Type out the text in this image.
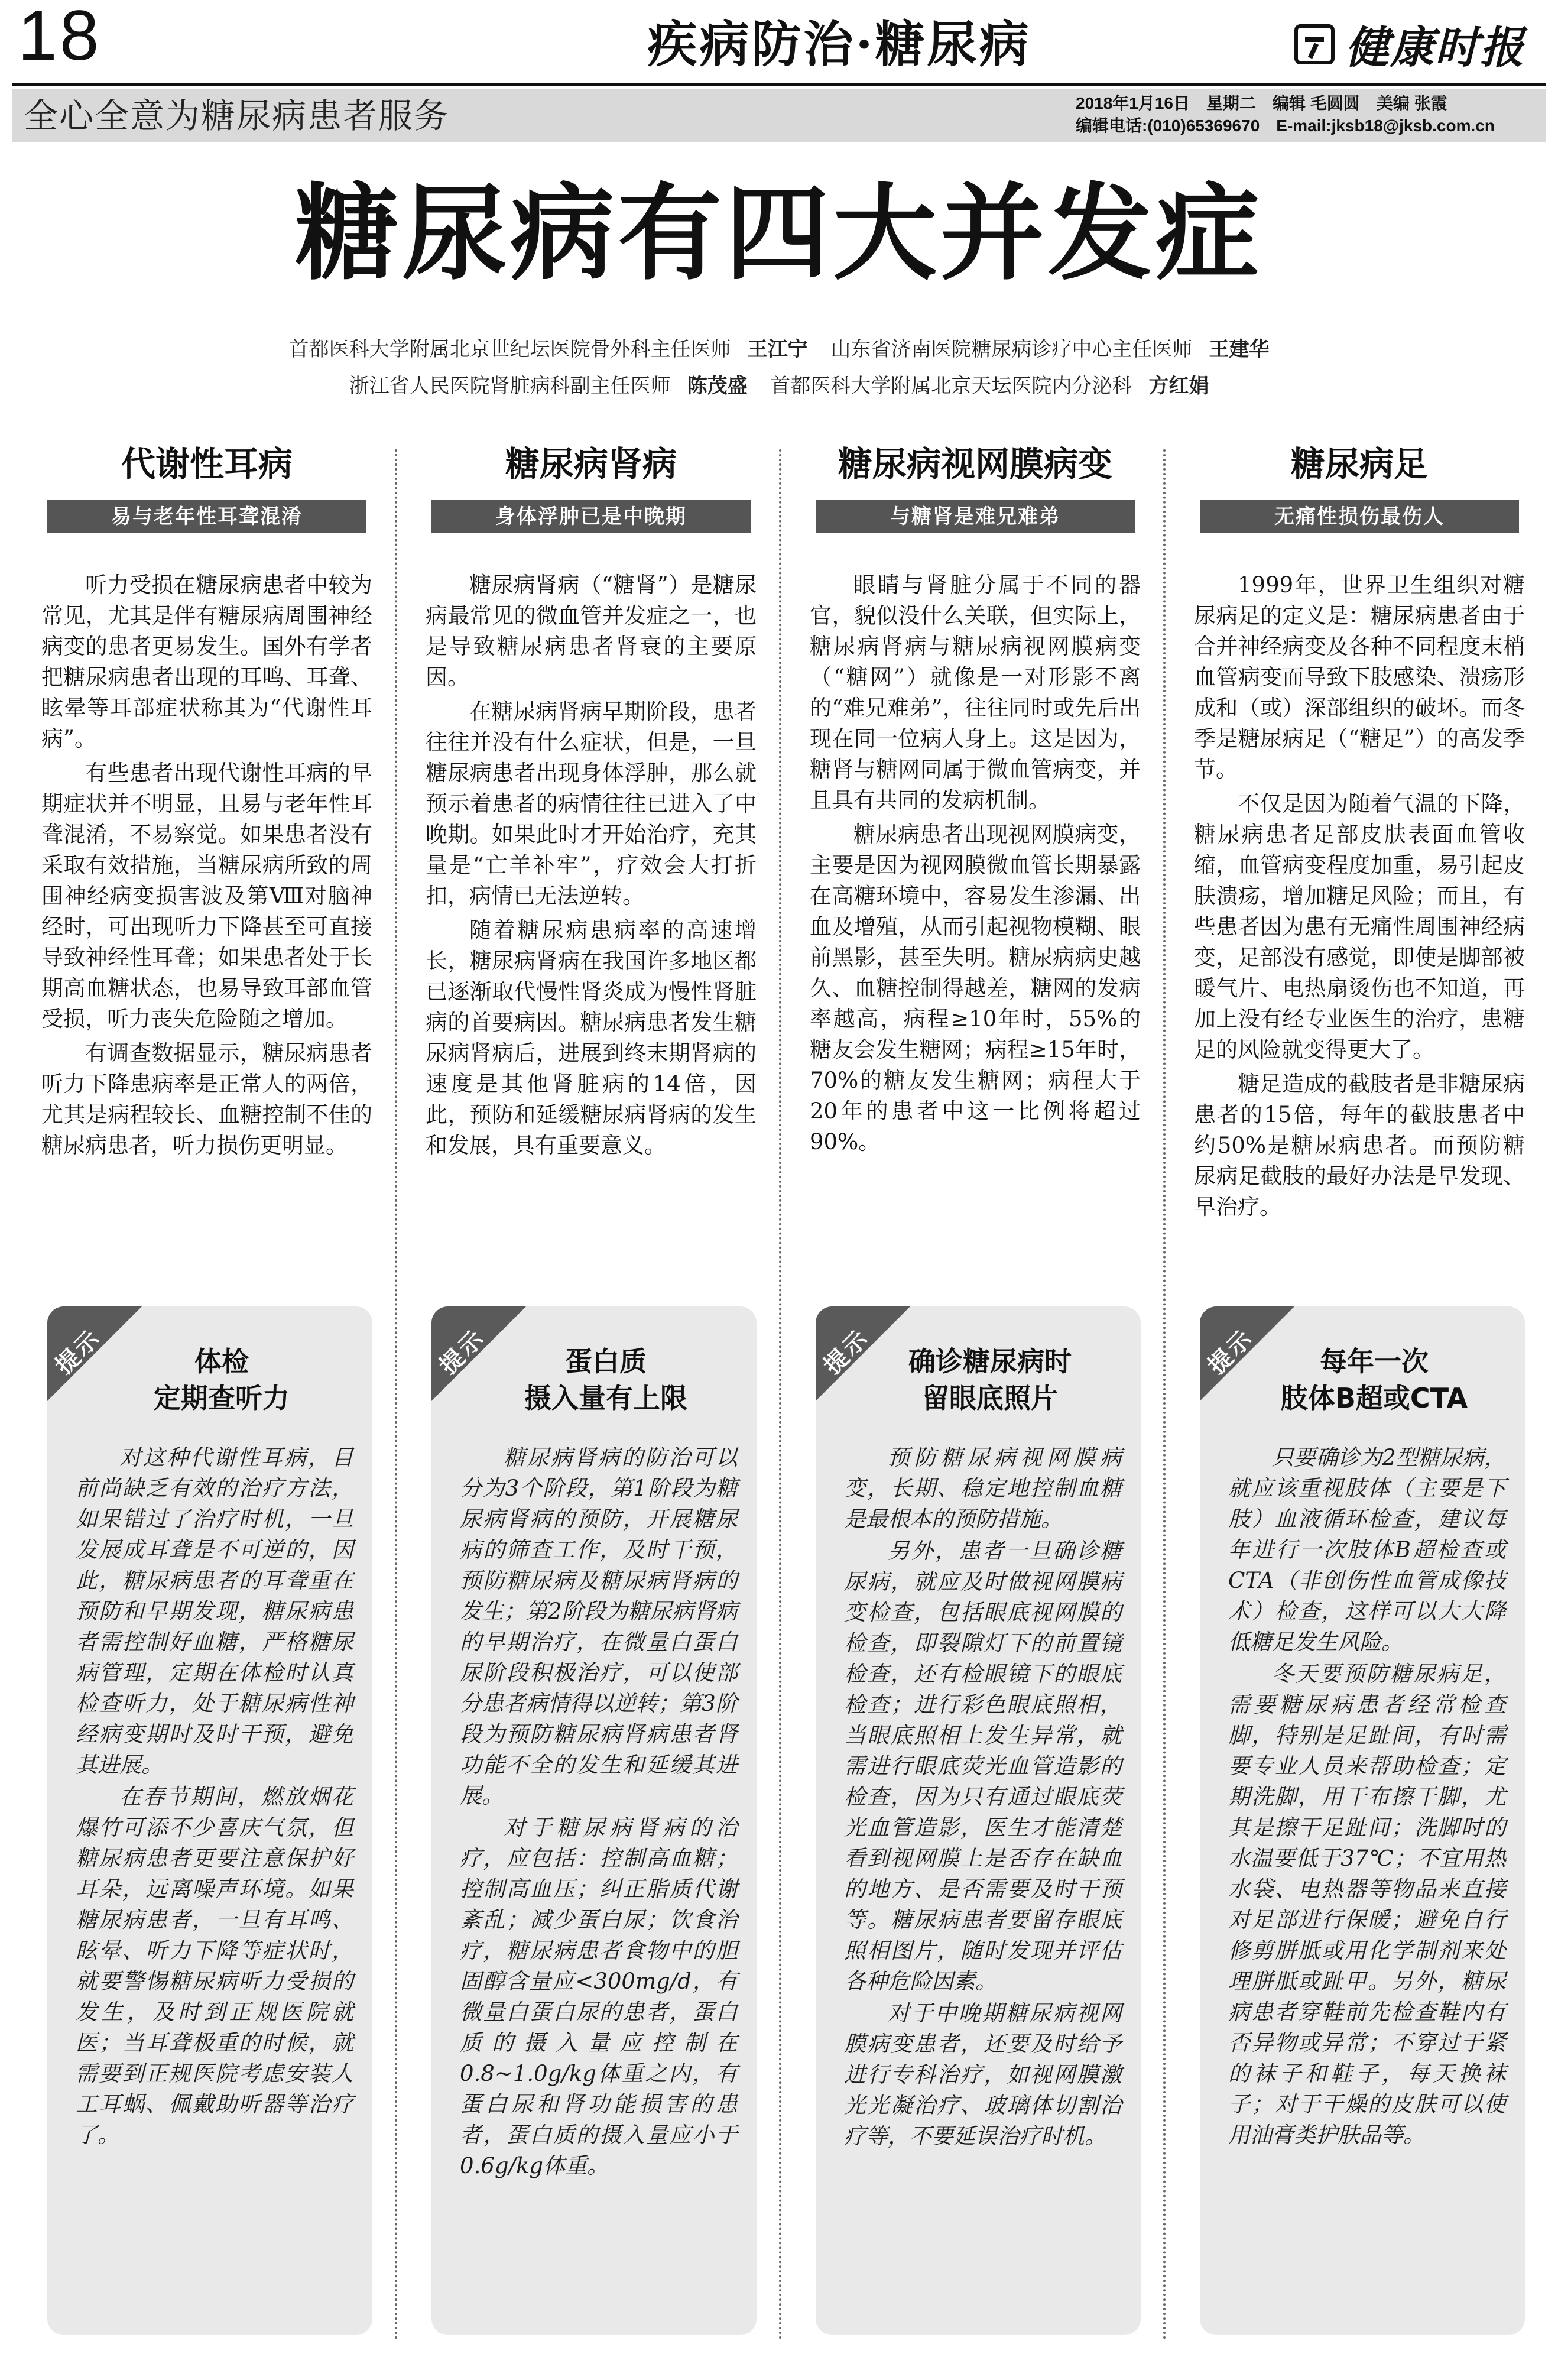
18	疾病防治·糖尿病	健康时报
全心全意为糖尿病患者服务	2018年1月16日　星期二　编辑 毛圆圆　美编 张霞
编辑电话:(010)65369670　E-mail:jksb18@jksb.com.cn
糖尿病有四大并发症
首都医科大学附属北京世纪坛医院骨外科主任医师 王江宁 山东省济南医院糖尿病诊疗中心主任医师 王建华
浙江省人民医院肾脏病科副主任医师 陈茂盛 首都医科大学附属北京天坛医院内分泌科 方红娟
代谢性耳病
易与老年性耳聋混淆

听力受损在糖尿病患者中较为常见，尤其是伴有糖尿病周围神经病变的患者更易发生。国外有学者把糖尿病患者出现的耳鸣、耳聋、眩晕等耳部症状称其为“代谢性耳病”。

有些患者出现代谢性耳病的早期症状并不明显，且易与老年性耳聋混淆，不易察觉。如果患者没有采取有效措施，当糖尿病所致的周围神经病变损害波及第Ⅷ对脑神经时，可出现听力下降甚至可直接导致神经性耳聋；如果患者处于长期高血糖状态，也易导致耳部血管受损，听力丧失危险随之增加。

有调查数据显示，糖尿病患者听力下降患病率是正常人的两倍，尤其是病程较长、血糖控制不佳的糖尿病患者，听力损伤更明显。

糖尿病肾病
身体浮肿已是中晚期

糖尿病肾病（“糖肾”）是糖尿病最常见的微血管并发症之一，也是导致糖尿病患者肾衰的主要原因。

在糖尿病肾病早期阶段，患者往往并没有什么症状，但是，一旦糖尿病患者出现身体浮肿，那么就预示着患者的病情往往已进入了中晚期。如果此时才开始治疗，充其量是“亡羊补牢”，疗效会大打折扣，病情已无法逆转。

随着糖尿病患病率的高速增长，糖尿病肾病在我国许多地区都已逐渐取代慢性肾炎成为慢性肾脏病的首要病因。糖尿病患者发生糖尿病肾病后，进展到终末期肾病的速度是其他肾脏病的14倍，因此，预防和延缓糖尿病肾病的发生和发展，具有重要意义。

糖尿病视网膜病变
与糖肾是难兄难弟

眼睛与肾脏分属于不同的器官，貌似没什么关联，但实际上，糖尿病肾病与糖尿病视网膜病变（“糖网”）就像是一对形影不离的“难兄难弟”，往往同时或先后出现在同一位病人身上。这是因为，糖肾与糖网同属于微血管病变，并且具有共同的发病机制。

糖尿病患者出现视网膜病变，主要是因为视网膜微血管长期暴露在高糖环境中，容易发生渗漏、出血及增殖，从而引起视物模糊、眼前黑影，甚至失明。糖尿病病史越久、血糖控制得越差，糖网的发病率越高，病程≥10年时，55%的糖友会发生糖网；病程≥15年时，70%的糖友发生糖网；病程大于20年的患者中这一比例将超过90%。

糖尿病足
无痛性损伤最伤人

1999年，世界卫生组织对糖尿病足的定义是：糖尿病患者由于合并神经病变及各种不同程度末梢血管病变而导致下肢感染、溃疡形成和（或）深部组织的破坏。而冬季是糖尿病足（“糖足”）的高发季节。

不仅是因为随着气温的下降，糖尿病患者足部皮肤表面血管收缩，血管病变程度加重，易引起皮肤溃疡，增加糖足风险；而且，有些患者因为患有无痛性周围神经病变，足部没有感觉，即使是脚部被暖气片、电热扇烫伤也不知道，再加上没有经专业医生的治疗，患糖足的风险就变得更大了。

糖足造成的截肢者是非糖尿病患者的15倍，每年的截肢患者中约50%是糖尿病患者。而预防糖尿病足截肢的最好办法是早发现、早治疗。

提示	体检
定期查听力

对这种代谢性耳病，目前尚缺乏有效的治疗方法，如果错过了治疗时机，一旦发展成耳聋是不可逆的，因此，糖尿病患者的耳聋重在预防和早期发现，糖尿病患者需控制好血糖，严格糖尿病管理，定期在体检时认真检查听力，处于糖尿病性神经病变期时及时干预，避免其进展。

在春节期间，燃放烟花爆竹可添不少喜庆气氛，但糖尿病患者更要注意保护好耳朵，远离噪声环境。如果糖尿病患者，一旦有耳鸣、眩晕、听力下降等症状时，就要警惕糖尿病听力受损的发生，及时到正规医院就医；当耳聋极重的时候，就需要到正规医院考虑安装人工耳蜗、佩戴助听器等治疗了。

提示	蛋白质
摄入量有上限

糖尿病肾病的防治可以分为3个阶段，第1阶段为糖尿病肾病的预防，开展糖尿病的筛查工作，及时干预，预防糖尿病及糖尿病肾病的发生；第2阶段为糖尿病肾病的早期治疗，在微量白蛋白尿阶段积极治疗，可以使部分患者病情得以逆转；第3阶段为预防糖尿病肾病患者肾功能不全的发生和延缓其进展。

对于糖尿病肾病的治疗，应包括：控制高血糖；控制高血压；纠正脂质代谢紊乱；减少蛋白尿；饮食治疗，糖尿病患者食物中的胆固醇含量应<300mg/d，有微量白蛋白尿的患者，蛋白质的摄入量应控制在0.8~1.0g/kg体重之内，有蛋白尿和肾功能损害的患者，蛋白质的摄入量应小于0.6g/kg体重。

提示	确诊糖尿病时
留眼底照片

预防糖尿病视网膜病变，长期、稳定地控制血糖是最根本的预防措施。

另外，患者一旦确诊糖尿病，就应及时做视网膜病变检查，包括眼底视网膜的检查，即裂隙灯下的前置镜检查，还有检眼镜下的眼底检查；进行彩色眼底照相，当眼底照相上发生异常，就需进行眼底荧光血管造影的检查，因为只有通过眼底荧光血管造影，医生才能清楚看到视网膜上是否存在缺血的地方、是否需要及时干预等。糖尿病患者要留存眼底照相图片，随时发现并评估各种危险因素。

对于中晚期糖尿病视网膜病变患者，还要及时给予进行专科治疗，如视网膜激光光凝治疗、玻璃体切割治疗等，不要延误治疗时机。

提示	每年一次
肢体B超或CTA

只要确诊为2型糖尿病，就应该重视肢体（主要是下肢）血液循环检查，建议每年进行一次肢体B超检查或CTA（非创伤性血管成像技术）检查，这样可以大大降低糖足发生风险。

冬天要预防糖尿病足，需要糖尿病患者经常检查脚，特别是足趾间，有时需要专业人员来帮助检查；定期洗脚，用干布擦干脚，尤其是擦干足趾间；洗脚时的水温要低于37℃；不宜用热水袋、电热器等物品来直接对足部进行保暖；避免自行修剪胼胝或用化学制剂来处理胼胝或趾甲。另外，糖尿病患者穿鞋前先检查鞋内有否异物或异常；不穿过于紧的袜子和鞋子，每天换袜子；对于干燥的皮肤可以使用油膏类护肤品等。
